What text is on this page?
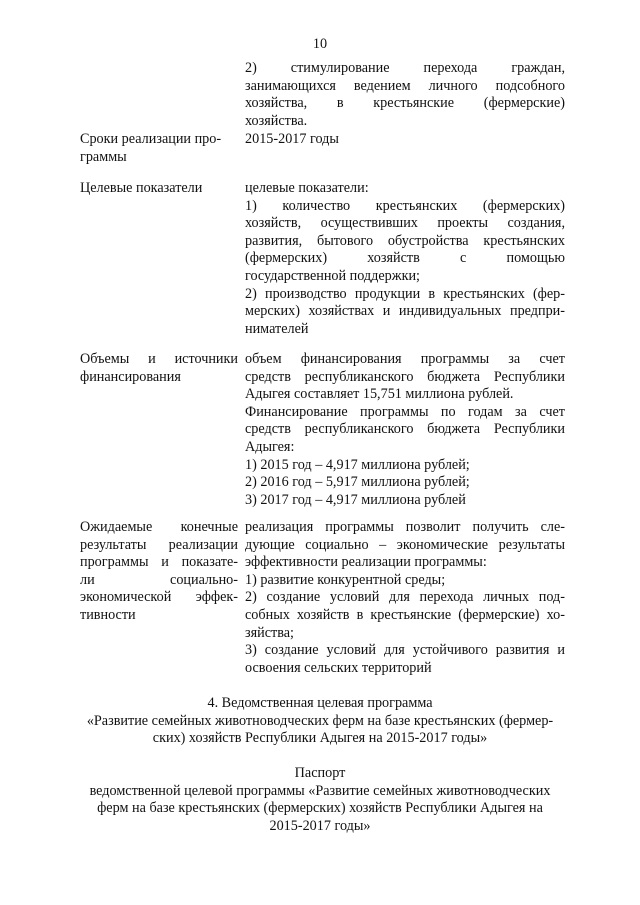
10

2)      стимулирование      перехода      граждан,

занимающихся ведением личного подсобного

хозяйства,     в     крестьянские     (фермерские)

хозяйства.

Сроки реализации про-

граммы

2015-2017 годы

Целевые показатели	целевые показатели:

1)      количество      крестьянских      (фермерских)

хозяйств,   осуществивших   проекты   создания,

развития, бытового обустройства крестьянских

(фермерских)       хозяйств       с       помощью

государственной поддержки;

2) производство продукции в крестьянских (фер-

мерских) хозяйствах и индивидуальных предпри-

нимателей

Объемы и источники

финансирования

объем финансирования программы за счет

средств республиканского бюджета Республики

Адыгея составляет 15,751 миллиона рублей.

Финансирование программы по годам за счет

средств республиканского бюджета Республики

Адыгея:

1) 2015 год – 4,917 миллиона рублей;

2) 2016 год – 5,917 миллиона рублей;

3) 2017 год – 4,917 миллиона рублей

Ожидаемые    конечные

результаты реализации

программы и показате-

ли           социально-

экономической эффек-

тивности

реализация программы позволит получить сле-

дующие социально – экономические результаты

эффективности реализации программы:

1) развитие конкурентной среды;

2) создание условий для перехода личных под-

собных хозяйств в крестьянские (фермерские) хо-

зяйства;

3) создание условий для устойчивого развития и

освоения сельских территорий

4. Ведомственная целевая программа

«Развитие семейных животноводческих ферм на базе крестьянских (фермер-

ских) хозяйств Республики Адыгея на 2015-2017 годы»

Паспорт

ведомственной целевой программы «Развитие семейных животноводческих

ферм на базе крестьянских (фермерских) хозяйств Республики Адыгея на

2015-2017 годы»
